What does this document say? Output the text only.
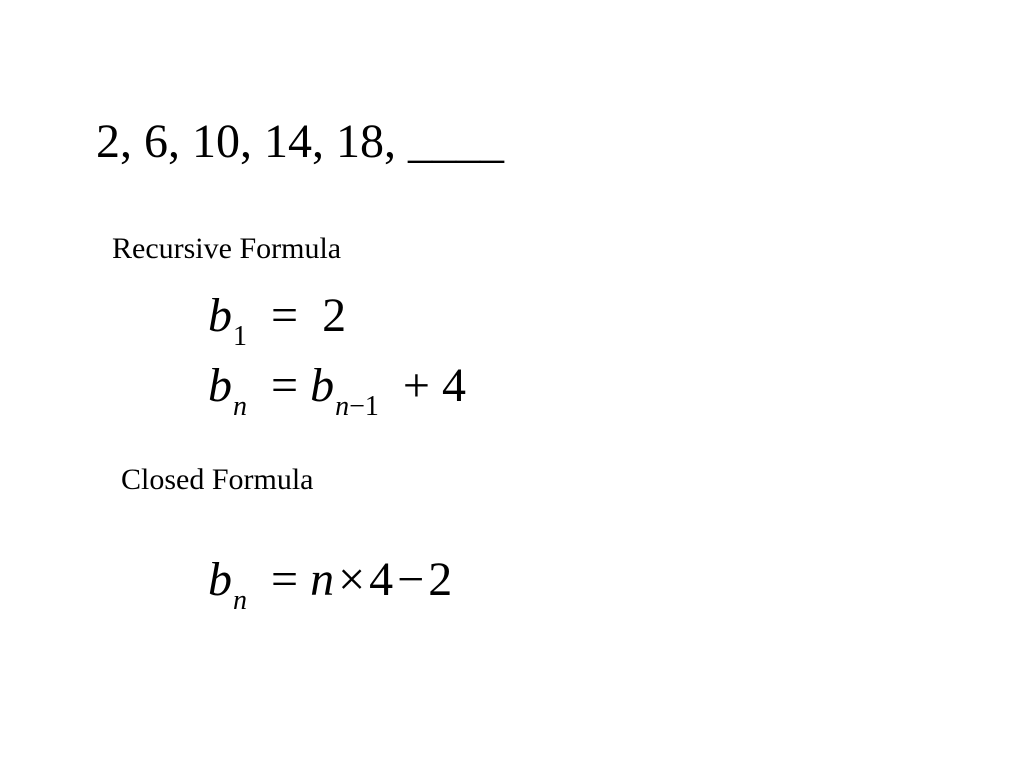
2, 6, 10, 14, 18, ____
Recursive Formula
$b_1 = 2$
$b_n = b_{n-1} + 4$
Closed Formula
$b_n = n\times 4-2$
